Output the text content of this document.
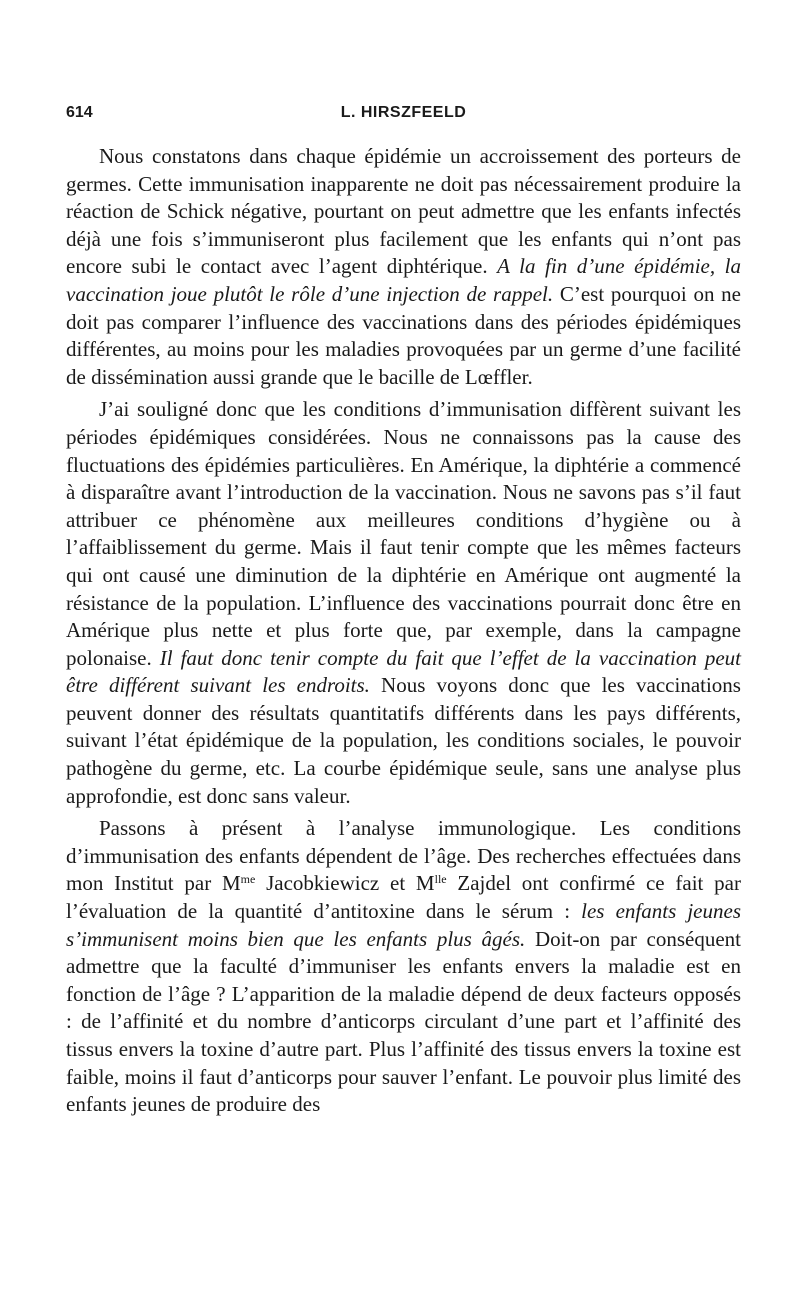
614	L. HIRSZFEELD

Nous constatons dans chaque épidémie un accroissement des porteurs de germes. Cette immunisation inapparente ne doit pas nécessairement produire la réaction de Schick négative, pourtant on peut admettre que les enfants infectés déjà une fois s’immuniseront plus facilement que les enfants qui n’ont pas encore subi le contact avec l’agent diphtérique. A la fin d’une épidémie, la vaccination joue plutôt le rôle d’une injection de rappel. C’est pourquoi on ne doit pas comparer l’influence des vaccinations dans des périodes épidémiques différentes, au moins pour les maladies provoquées par un germe d’une facilité de dissémination aussi grande que le bacille de Lœffler.

J’ai souligné donc que les conditions d’immunisation diffèrent suivant les périodes épidémiques considérées. Nous ne connaissons pas la cause des fluctuations des épidémies particulières. En Amérique, la diphtérie a commencé à disparaître avant l’introduction de la vaccination. Nous ne savons pas s’il faut attribuer ce phénomène aux meilleures conditions d’hygiène ou à l’affaiblissement du germe. Mais il faut tenir compte que les mêmes facteurs qui ont causé une diminution de la diphtérie en Amérique ont augmenté la résistance de la population. L’influence des vaccinations pourrait donc être en Amérique plus nette et plus forte que, par exemple, dans la campagne polonaise. Il faut donc tenir compte du fait que l’effet de la vaccination peut être différent suivant les endroits. Nous voyons donc que les vaccinations peuvent donner des résultats quantitatifs différents dans les pays différents, suivant l’état épidémique de la population, les conditions sociales, le pouvoir pathogène du germe, etc. La courbe épidémique seule, sans une analyse plus approfondie, est donc sans valeur.

Passons à présent à l’analyse immunologique. Les conditions d’immunisation des enfants dépendent de l’âge. Des recherches effectuées dans mon Institut par $M^{me}$ Jacobkiewicz et $M^{lle}$ Zajdel ont confirmé ce fait par l’évaluation de la quantité d’antitoxine dans le sérum : les enfants jeunes s’immunisent moins bien que les enfants plus âgés. Doit-on par conséquent admettre que la faculté d’immuniser les enfants envers la maladie est en fonction de l’âge ? L’apparition de la maladie dépend de deux facteurs opposés : de l’affinité et du nombre d’anticorps circulant d’une part et l’affinité des tissus envers la toxine d’autre part. Plus l’affinité des tissus envers la toxine est faible, moins il faut d’anticorps pour sauver l’enfant. Le pouvoir plus limité des enfants jeunes de produire des
